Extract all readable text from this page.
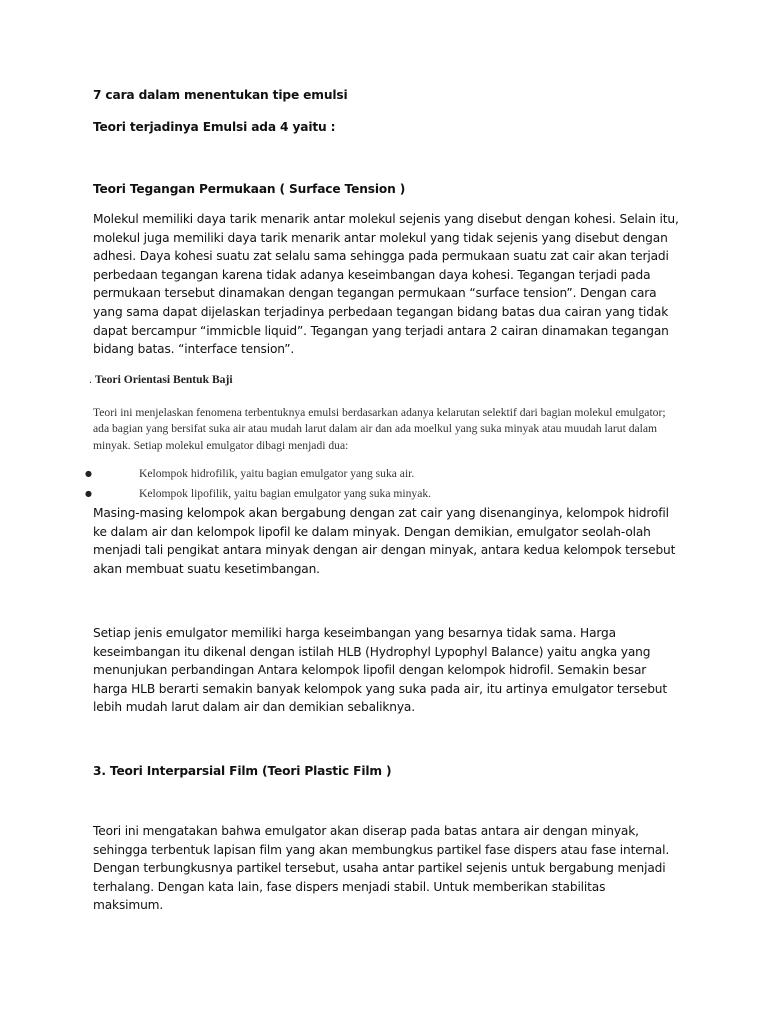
7 cara dalam menentukan tipe emulsi

Teori terjadinya Emulsi ada 4 yaitu :

Teori Tegangan Permukaan ( Surface Tension )

Molekul memiliki daya tarik menarik antar molekul sejenis yang disebut dengan kohesi. Selain itu, molekul juga memiliki daya tarik menarik antar molekul yang tidak sejenis yang disebut dengan adhesi. Daya kohesi suatu zat selalu sama sehingga pada permukaan suatu zat cair akan terjadi perbedaan tegangan karena tidak adanya keseimbangan daya kohesi. Tegangan terjadi pada permukaan tersebut dinamakan dengan tegangan permukaan “surface tension”. Dengan cara yang sama dapat dijelaskan terjadinya perbedaan tegangan bidang batas dua cairan yang tidak dapat bercampur “immicble liquid”. Tegangan yang terjadi antara 2 cairan dinamakan tegangan bidang batas. “interface tension”.

. Teori Orientasi Bentuk Baji

Teori ini menjelaskan fenomena terbentuknya emulsi berdasarkan adanya kelarutan selektif dari bagian molekul emulgator; ada bagian yang bersifat suka air atau mudah larut dalam air dan ada moelkul yang suka minyak atau muudah larut dalam minyak. Setiap molekul emulgator dibagi menjadi dua:

●	Kelompok hidrofilik, yaitu bagian emulgator yang suka air.
●	Kelompok lipofilik, yaitu bagian emulgator yang suka minyak.

Masing-masing kelompok akan bergabung dengan zat cair yang disenanginya, kelompok hidrofil ke dalam air dan kelompok lipofil ke dalam minyak. Dengan demikian, emulgator seolah-olah menjadi tali pengikat antara minyak dengan air dengan minyak, antara kedua kelompok tersebut akan membuat suatu kesetimbangan.

Setiap jenis emulgator memiliki harga keseimbangan yang besarnya tidak sama. Harga keseimbangan itu dikenal dengan istilah HLB (Hydrophyl Lypophyl Balance) yaitu angka yang menunjukan perbandingan Antara kelompok lipofil dengan kelompok hidrofil. Semakin besar harga HLB berarti semakin banyak kelompok yang suka pada air, itu artinya emulgator tersebut lebih mudah larut dalam air dan demikian sebaliknya.

3. Teori Interparsial Film (Teori Plastic Film )

Teori ini mengatakan bahwa emulgator akan diserap pada batas antara air dengan minyak, sehingga terbentuk lapisan film yang akan membungkus partikel fase dispers atau fase internal. Dengan terbungkusnya partikel tersebut, usaha antar partikel sejenis untuk bergabung menjadi terhalang. Dengan kata lain, fase dispers menjadi stabil. Untuk memberikan stabilitas maksimum.
